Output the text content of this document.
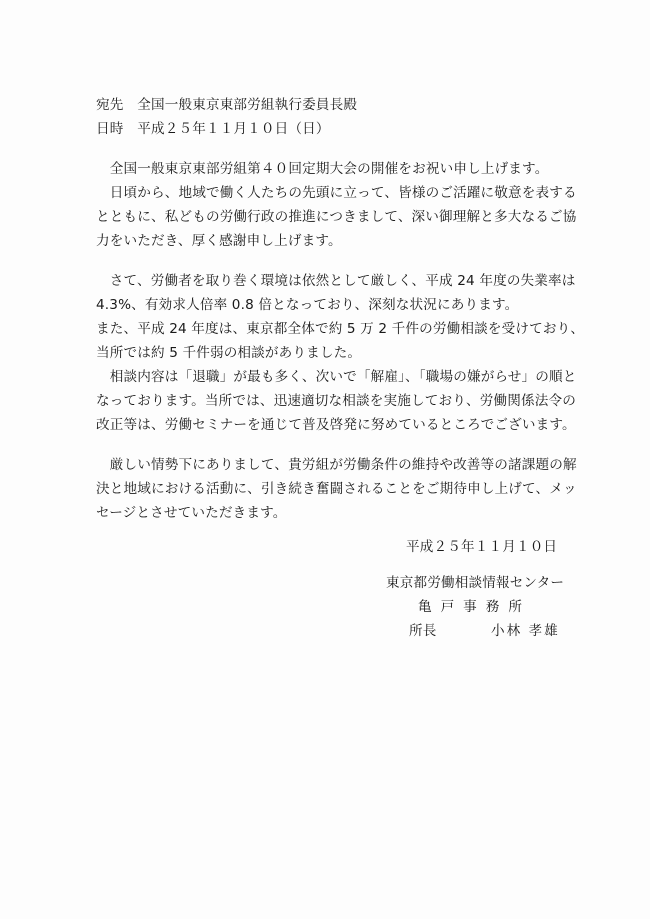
宛先　全国一般東京東部労組執行委員長殿
日時　平成２５年１１月１０日（日）
　全国一般東京東部労組第４０回定期大会の開催をお祝い申し上げます。
　日頃から、地域で働く人たちの先頭に立って、皆様のご活躍に敬意を表する
とともに、私どもの労働行政の推進につきまして、深い御理解と多大なるご協
力をいただき、厚く感謝申し上げます。
　さて、労働者を取り巻く環境は依然として厳しく、平成 24 年度の失業率は
4.3%、有効求人倍率 0.8 倍となっており、深刻な状況にあります。
また、平成 24 年度は、東京都全体で約 5 万 2 千件の労働相談を受けており、
当所では約 5 千件弱の相談がありました。
　相談内容は「退職」が最も多く、次いで「解雇」、「職場の嫌がらせ」の順と
なっております。当所では、迅速適切な相談を実施しており、労働関係法令の
改正等は、労働セミナーを通じて普及啓発に努めているところでございます。
　厳しい情勢下にありまして、貴労組が労働条件の維持や改善等の諸課題の解
決と地域における活動に、引き続き奮闘されることをご期待申し上げて、メッ
セージとさせていただきます。
平成２５年１１月１０日
東京都労働相談情報センター
亀戸事務所
所長	小林 孝雄
